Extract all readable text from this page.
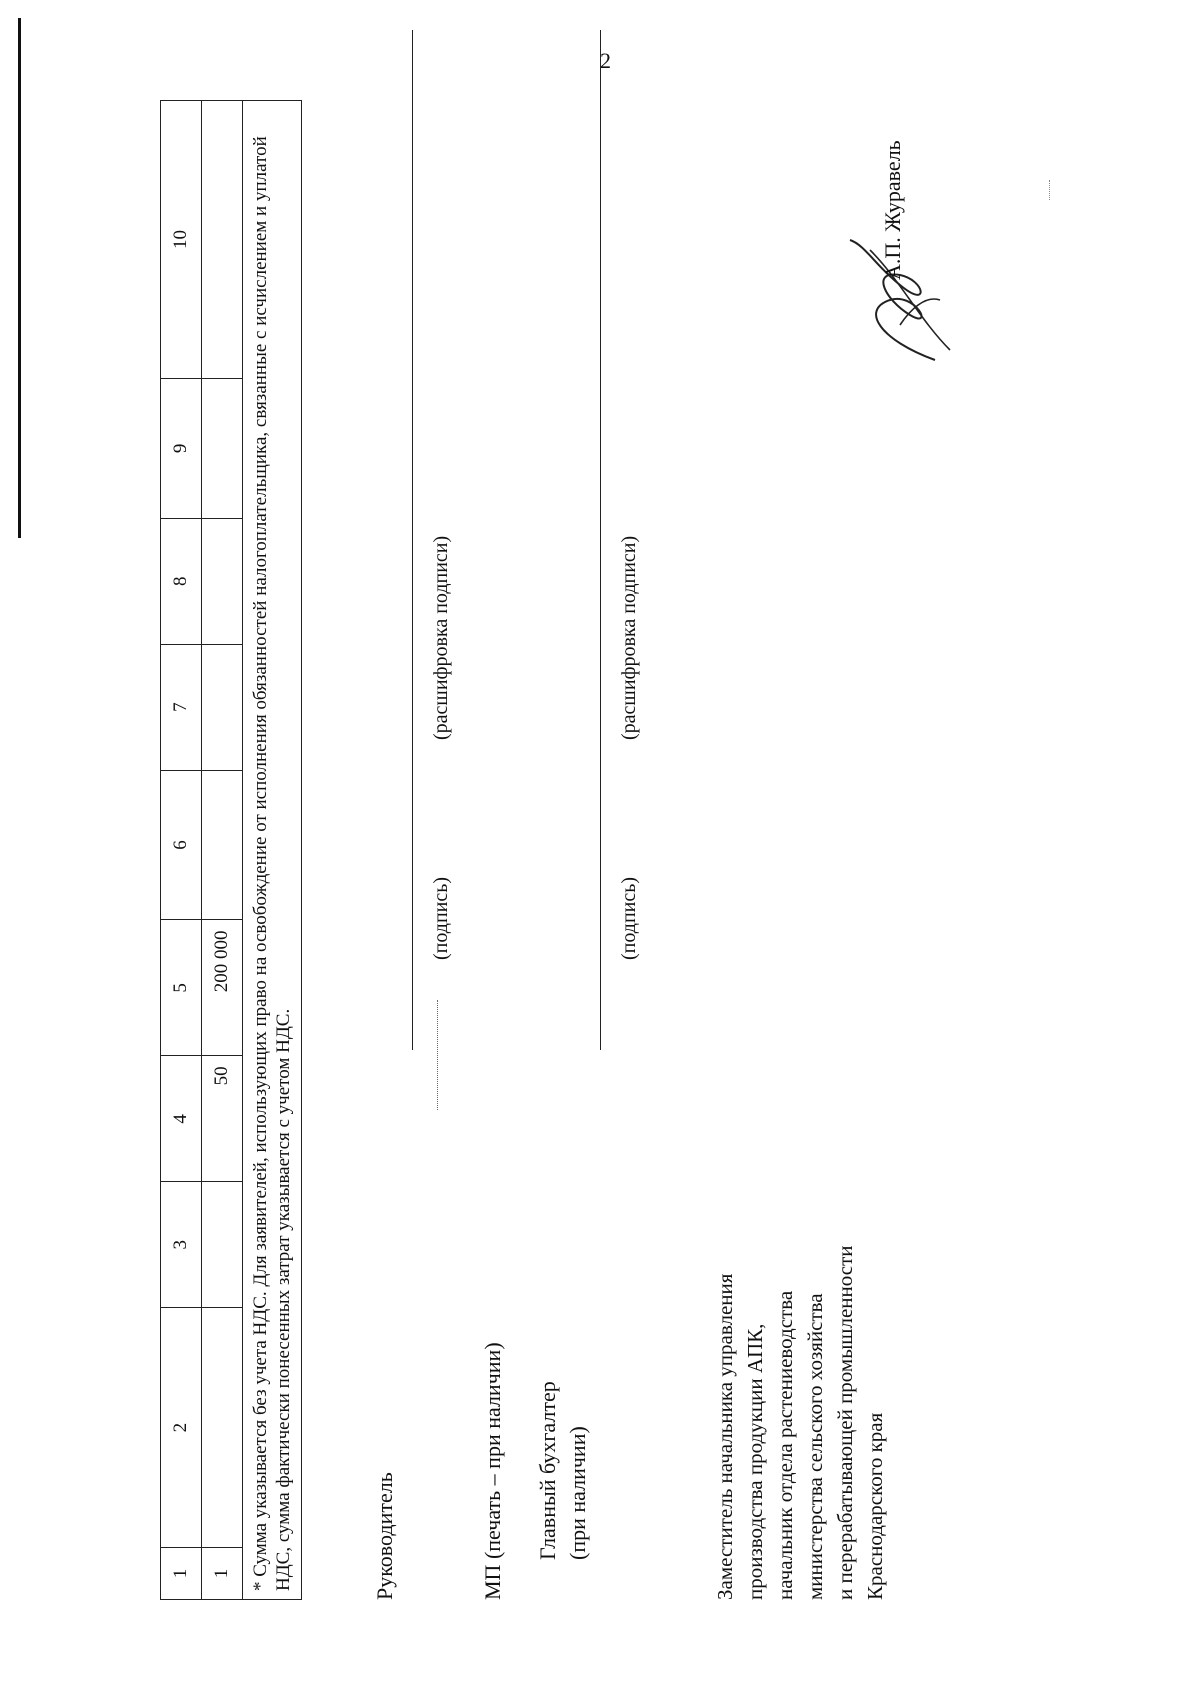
2
1	2	3	4	5	6	7	8	9	10
1			50	200 000					
* Сумма указывается без учета НДС. Для заявителей, использующих право на освобождение от исполнения обязанностей налогоплательщика, связанные с исчислением и уплатой НДС, сумма фактически понесенных затрат указывается с учетом НДС.										Руководитель
(подпись)
(расшифровка подписи)
МП (печать – при наличии) Главный бухгалтер (при наличии)
(подпись)
(расшифровка подписи)
Заместитель начальника управления производства продукции АПК, начальник отдела растениеводства министерства сельского хозяйства и перерабатывающей промышленности Краснодарского края
А.П. Журавель
